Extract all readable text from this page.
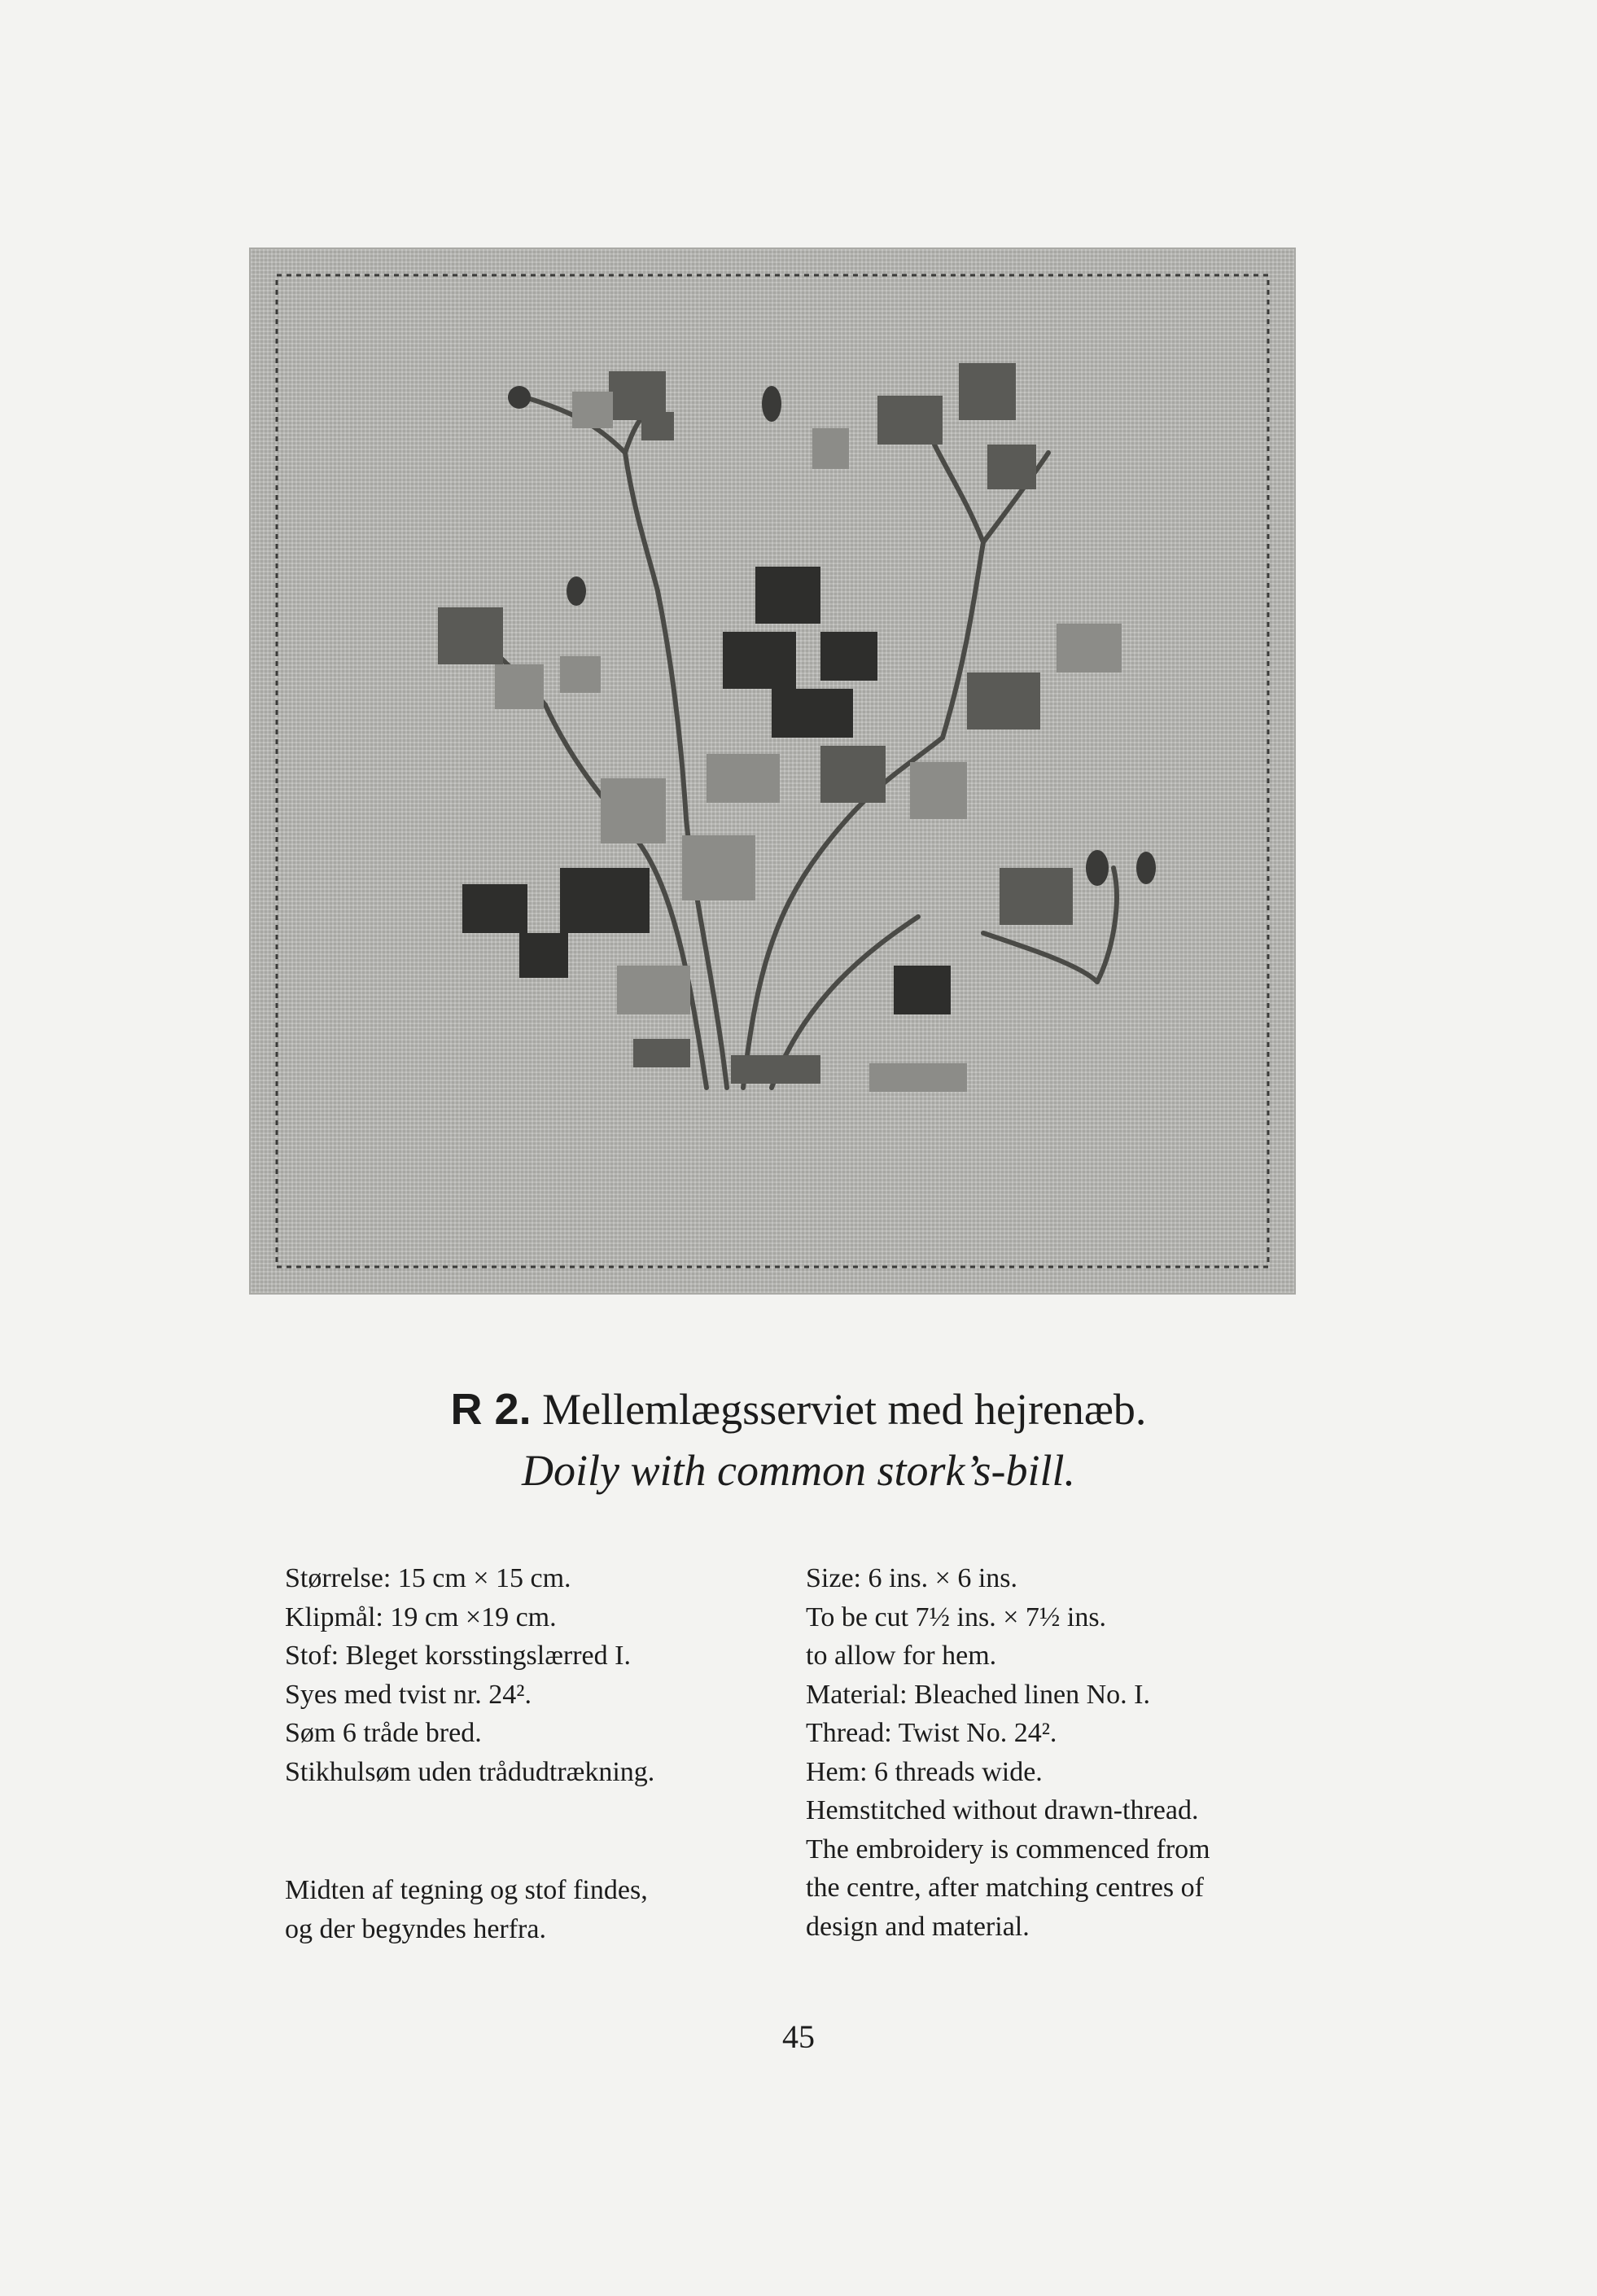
R 2. Mellemlægsserviet med hejrenæb.
Doily with common stork’s-bill.
Størrelse: 15 cm × 15 cm.
Klipmål: 19 cm ×19 cm.
Stof: Bleget korsstingslærred I.
Syes med tvist nr. 24².
Søm 6 tråde bred.
Stikhulsøm uden trådudtrækning.
Midten af tegning og stof findes,
og der begyndes herfra.
Size: 6 ins. × 6 ins.
To be cut 7½ ins. × 7½ ins.
to allow for hem.
Material: Bleached linen No. I.
Thread: Twist No. 24².
Hem: 6 threads wide.
Hemstitched without drawn-thread.
The embroidery is commenced from
the centre, after matching centres of
design and material.
45
